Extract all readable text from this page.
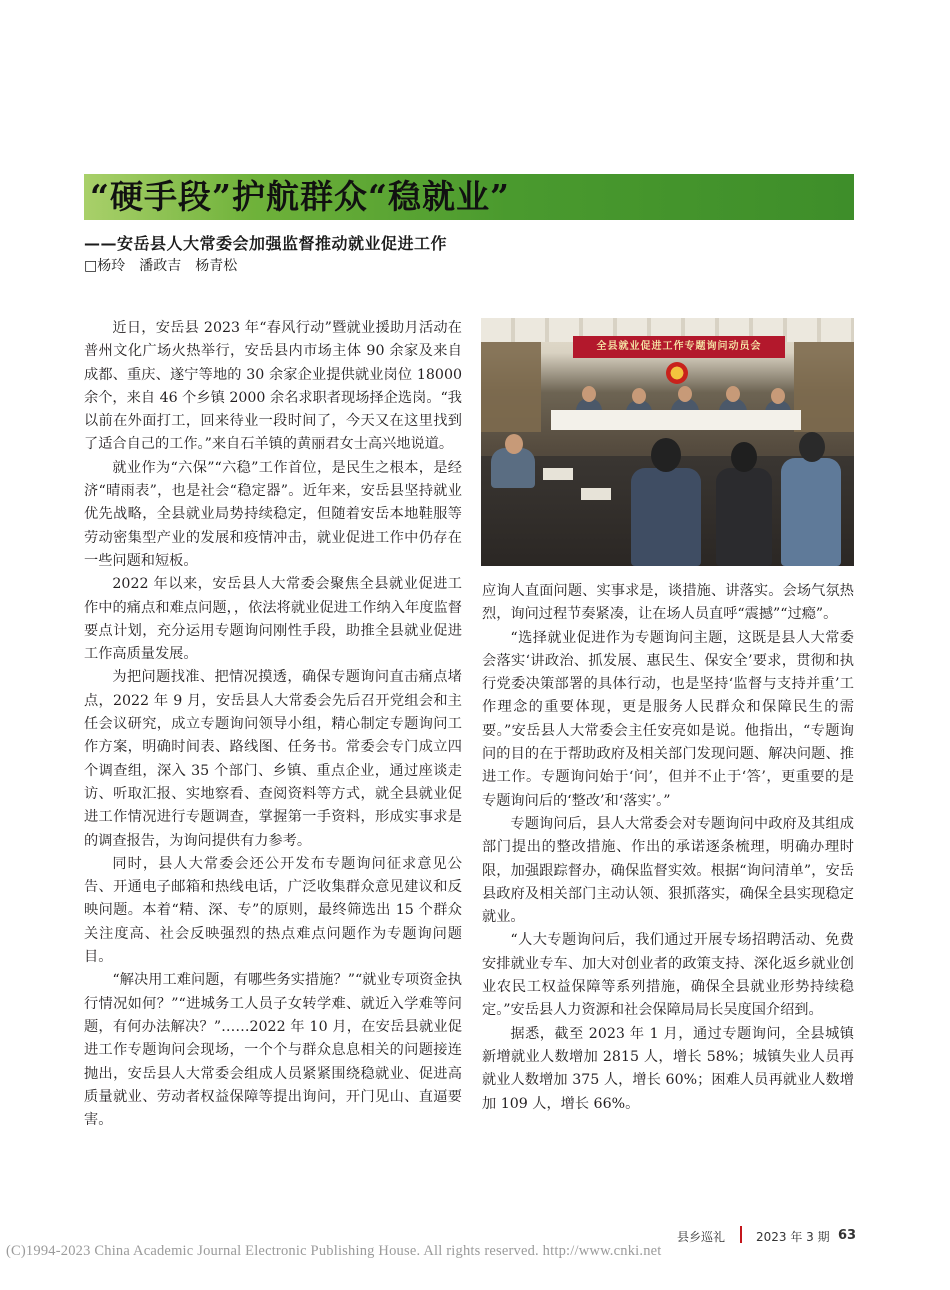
“硬手段”护航群众“稳就业”
——安岳县人大常委会加强监督推动就业促进工作
□杨玲　潘政吉　杨青松

近日，安岳县 2023 年“春风行动”暨就业援助月活动在普州文化广场火热举行，安岳县内市场主体 90 余家及来自成都、重庆、遂宁等地的 30 余家企业提供就业岗位 18000 余个，来自 46 个乡镇 2000 余名求职者现场择企选岗。“我以前在外面打工，回来待业一段时间了，今天又在这里找到了适合自己的工作。”来自石羊镇的黄丽君女士高兴地说道。

就业作为“六保”“六稳”工作首位，是民生之根本，是经济“晴雨表”，也是社会“稳定器”。近年来，安岳县坚持就业优先战略，全县就业局势持续稳定，但随着安岳本地鞋服等劳动密集型产业的发展和疫情冲击，就业促进工作中仍存在一些问题和短板。

2022 年以来，安岳县人大常委会聚焦全县就业促进工作中的痛点和难点问题，，依法将就业促进工作纳入年度监督要点计划，充分运用专题询问刚性手段，助推全县就业促进工作高质量发展。

为把问题找准、把情况摸透，确保专题询问直击痛点堵点，2022 年 9 月，安岳县人大常委会先后召开党组会和主任会议研究，成立专题询问领导小组，精心制定专题询问工作方案，明确时间表、路线图、任务书。常委会专门成立四个调查组，深入 35 个部门、乡镇、重点企业，通过座谈走访、听取汇报、实地察看、查阅资料等方式，就全县就业促进工作情况进行专题调查，掌握第一手资料，形成实事求是的调查报告，为询问提供有力参考。

同时，县人大常委会还公开发布专题询问征求意见公告、开通电子邮箱和热线电话，广泛收集群众意见建议和反映问题。本着“精、深、专”的原则，最终筛选出 15 个群众关注度高、社会反映强烈的热点难点问题作为专题询问题目。

“解决用工难问题，有哪些务实措施？”“就业专项资金执行情况如何？”“进城务工人员子女转学难、就近入学难等问题，有何办法解决？”……2022 年 10 月，在安岳县就业促进工作专题询问会现场，一个个与群众息息相关的问题接连抛出，安岳县人大常委会组成人员紧紧围绕稳就业、促进高质量就业、劳动者权益保障等提出询问，开门见山、直逼要害。

全县就业促进工作专题询问动员会

应询人直面问题、实事求是，谈措施、讲落实。会场气氛热烈，询问过程节奏紧凑，让在场人员直呼“震撼”“过瘾”。

“选择就业促进作为专题询问主题，这既是县人大常委会落实‘讲政治、抓发展、惠民生、保安全’要求，贯彻和执行党委决策部署的具体行动，也是坚持‘监督与支持并重’工作理念的重要体现，更是服务人民群众和保障民生的需要。”安岳县人大常委会主任安亮如是说。他指出，“专题询问的目的在于帮助政府及相关部门发现问题、解决问题、推进工作。专题询问始于‘问’，但并不止于‘答’，更重要的是专题询问后的‘整改’和‘落实’。”

专题询问后，县人大常委会对专题询问中政府及其组成部门提出的整改措施、作出的承诺逐条梳理，明确办理时限，加强跟踪督办，确保监督实效。根据“询问清单”，安岳县政府及相关部门主动认领、狠抓落实，确保全县实现稳定就业。

“人大专题询问后，我们通过开展专场招聘活动、免费安排就业专车、加大对创业者的政策支持、深化返乡就业创业农民工权益保障等系列措施，确保全县就业形势持续稳定。”安岳县人力资源和社会保障局局长吴度国介绍到。

据悉，截至 2023 年 1 月，通过专题询问，全县城镇新增就业人数增加 2815 人，增长 58%；城镇失业人员再就业人数增加 375 人，增长 60%；困难人员再就业人数增加 109 人，增长 66%。

县乡巡礼	2023 年 3 期 63
(C)1994-2023 China Academic Journal Electronic Publishing House. All rights reserved. http://www.cnki.net
